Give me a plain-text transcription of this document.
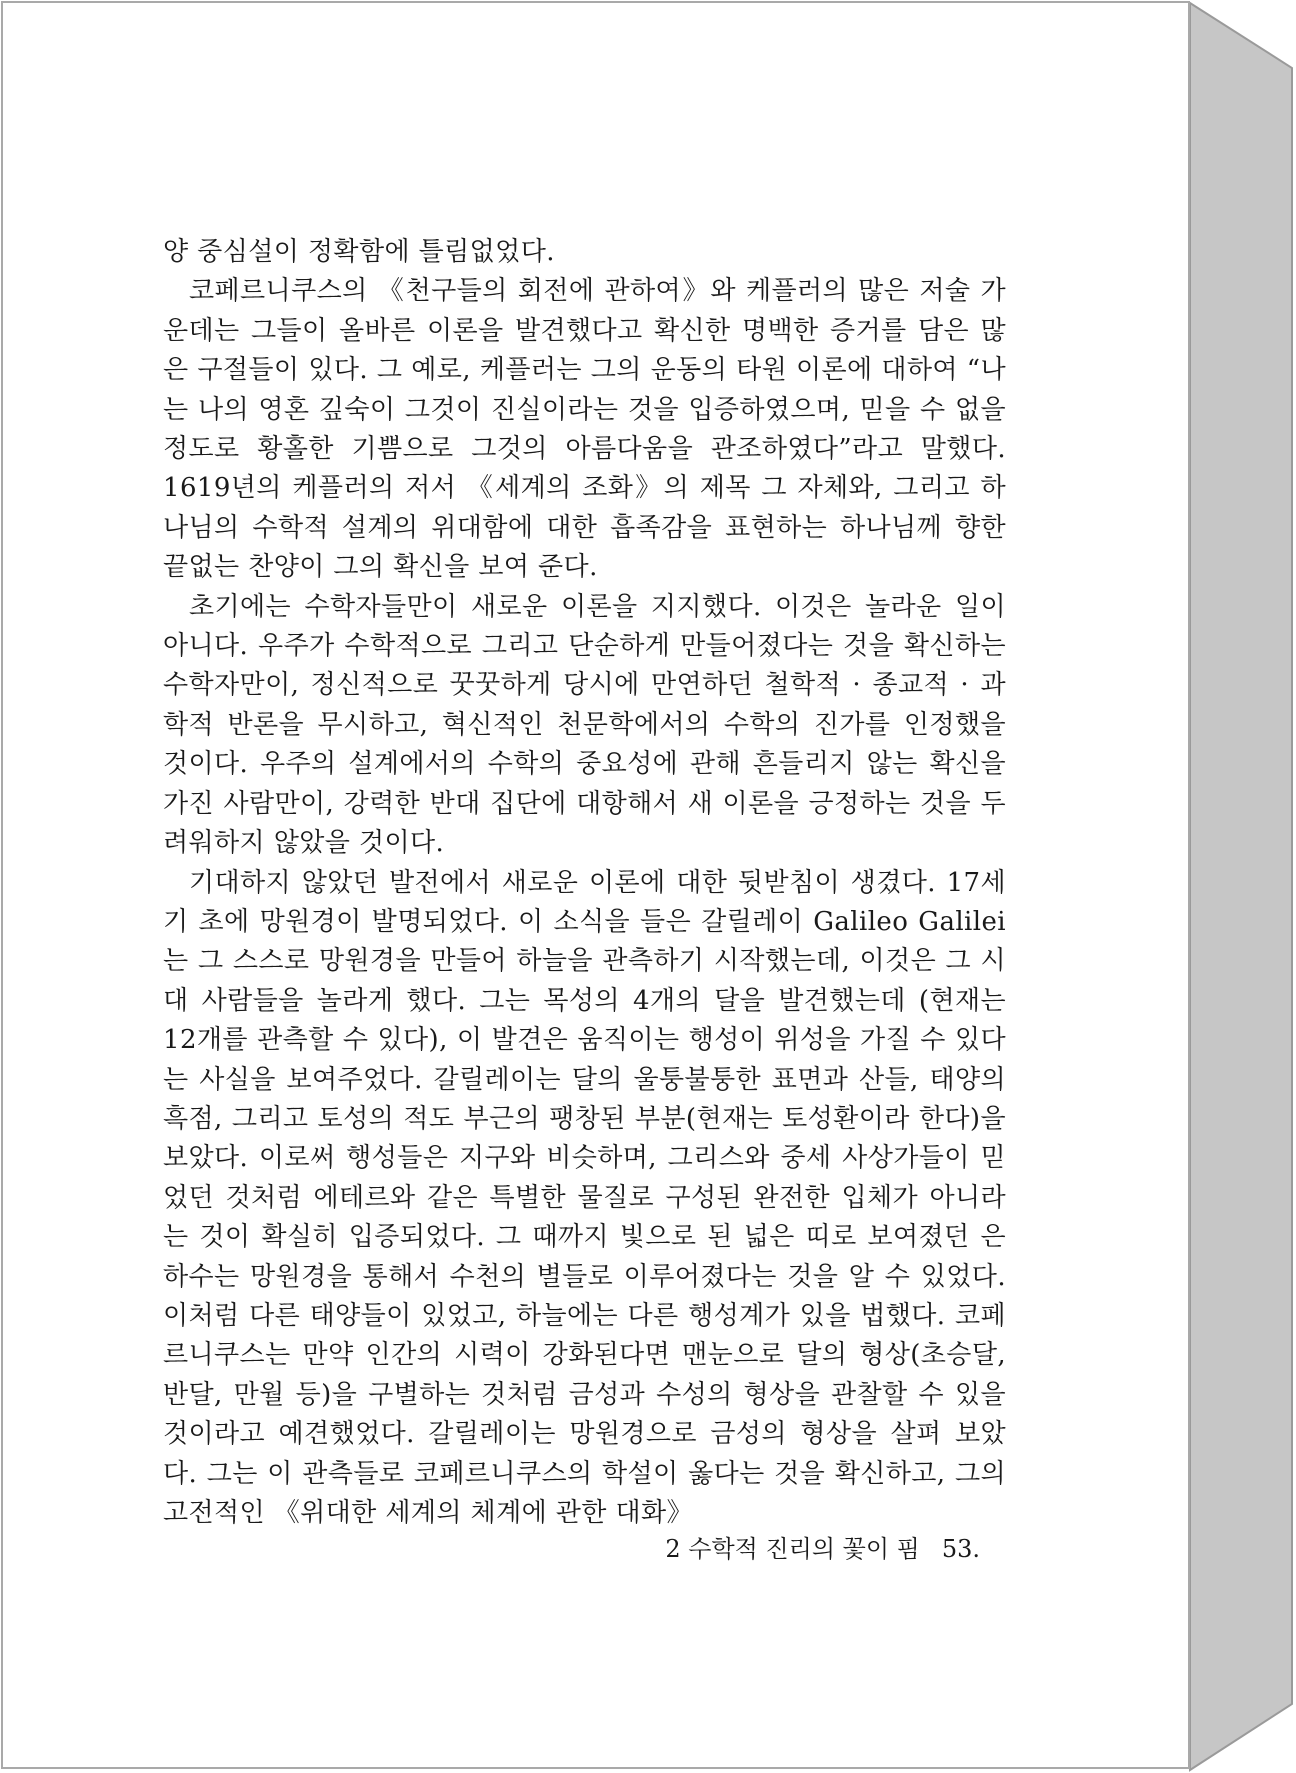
양 중심설이 정확함에 틀림없었다.

코페르니쿠스의 《천구들의 회전에 관하여》와 케플러의 많은 저술 가운데는 그들이 올바른 이론을 발견했다고 확신한 명백한 증거를 담은 많은 구절들이 있다. 그 예로, 케플러는 그의 운동의 타원 이론에 대하여 “나는 나의 영혼 깊숙이 그것이 진실이라는 것을 입증하였으며, 믿을 수 없을 정도로 황홀한 기쁨으로 그것의 아름다움을 관조하였다”라고 말했다. 1619년의 케플러의 저서 《세계의 조화》의 제목 그 자체와, 그리고 하나님의 수학적 설계의 위대함에 대한 흡족감을 표현하는 하나님께 향한 끝없는 찬양이 그의 확신을 보여 준다.

초기에는 수학자들만이 새로운 이론을 지지했다. 이것은 놀라운 일이 아니다. 우주가 수학적으로 그리고 단순하게 만들어졌다는 것을 확신하는 수학자만이, 정신적으로 꿋꿋하게 당시에 만연하던 철학적 · 종교적 · 과학적 반론을 무시하고, 혁신적인 천문학에서의 수학의 진가를 인정했을 것이다. 우주의 설계에서의 수학의 중요성에 관해 흔들리지 않는 확신을 가진 사람만이, 강력한 반대 집단에 대항해서 새 이론을 긍정하는 것을 두려워하지 않았을 것이다.

기대하지 않았던 발전에서 새로운 이론에 대한 뒷받침이 생겼다. 17세기 초에 망원경이 발명되었다. 이 소식을 들은 갈릴레이 Galileo Galilei는 그 스스로 망원경을 만들어 하늘을 관측하기 시작했는데, 이것은 그 시대 사람들을 놀라게 했다. 그는 목성의 4개의 달을 발견했는데 (현재는 12개를 관측할 수 있다), 이 발견은 움직이는 행성이 위성을 가질 수 있다는 사실을 보여주었다. 갈릴레이는 달의 울퉁불퉁한 표면과 산들, 태양의 흑점, 그리고 토성의 적도 부근의 팽창된 부분(현재는 토성환이라 한다)을 보았다. 이로써 행성들은 지구와 비슷하며, 그리스와 중세 사상가들이 믿었던 것처럼 에테르와 같은 특별한 물질로 구성된 완전한 입체가 아니라는 것이 확실히 입증되었다. 그 때까지 빛으로 된 넓은 띠로 보여졌던 은하수는 망원경을 통해서 수천의 별들로 이루어졌다는 것을 알 수 있었다. 이처럼 다른 태양들이 있었고, 하늘에는 다른 행성계가 있을 법했다. 코페르니쿠스는 만약 인간의 시력이 강화된다면 맨눈으로 달의 형상(초승달, 반달, 만월 등)을 구별하는 것처럼 금성과 수성의 형상을 관찰할 수 있을 것이라고 예견했었다. 갈릴레이는 망원경으로 금성의 형상을 살펴 보았다. 그는 이 관측들로 코페르니쿠스의 학설이 옳다는 것을 확신하고, 그의 고전적인 《위대한 세계의 체계에 관한 대화》

2 수학적 진리의 꽃이 핌 53.
